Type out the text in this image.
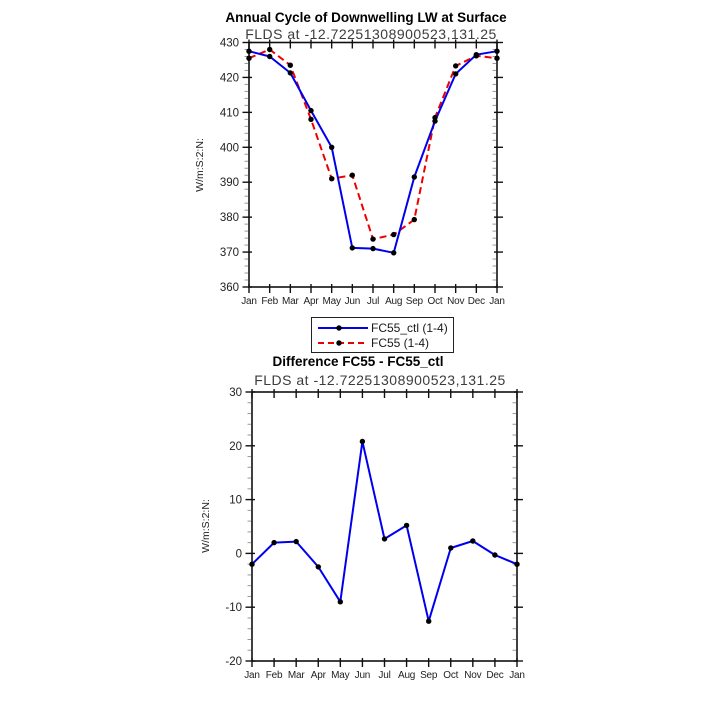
Annual Cycle of Downwelling LW at Surface
FLDS at -12.72251308900523,131.25
W/m:S:2:N:
Difference FC55 - FC55_ctl
FLDS at -12.72251308900523,131.25
W/m:S:2:N:
Jan Feb Mar Apr May Jun Jul Aug Sep Oct Nov Dec Jan
360
370
380
390
400
410
420
430
Jan Feb Mar Apr May Jun Jul Aug Sep Oct Nov Dec Jan
-20
-10
0
10
20
30
FC55_ctl (1-4)
FC55 (1-4)
